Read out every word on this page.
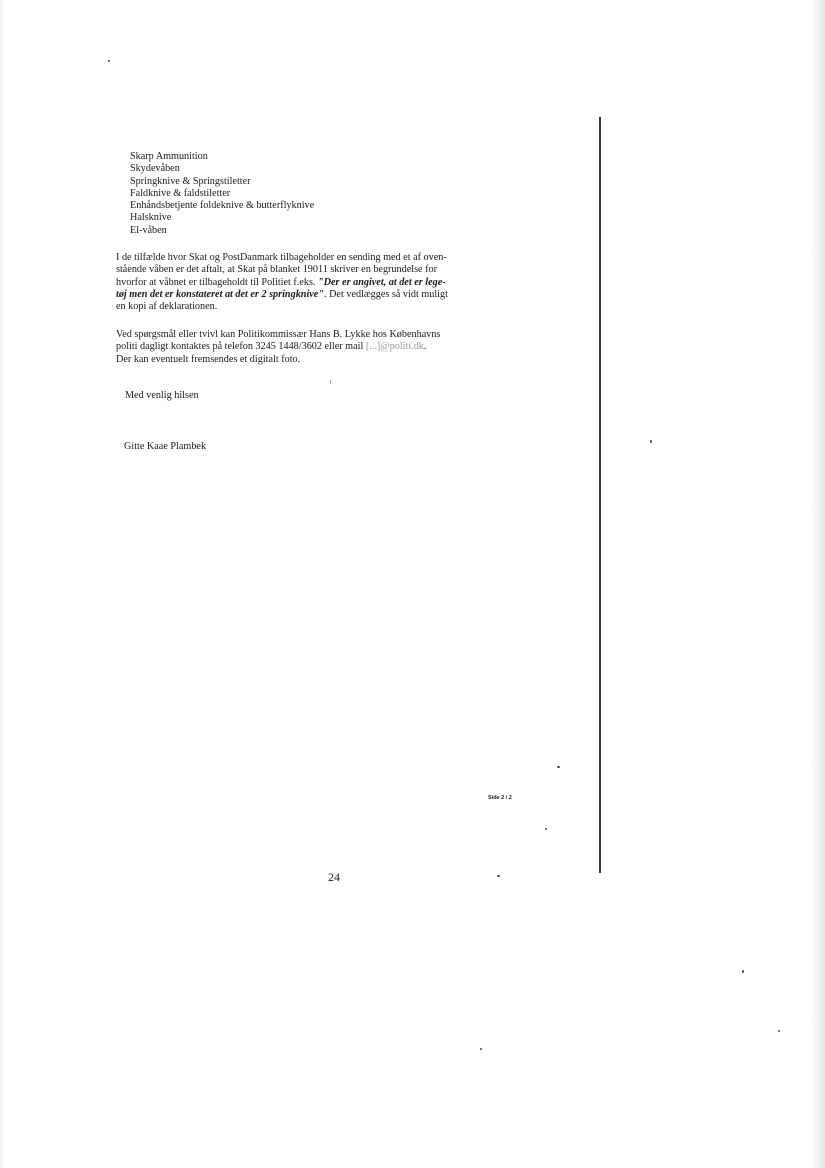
Skarp Ammunition
Skydevåben
Springknive & Springstiletter
Faldknive & faldstiletter
Enhåndsbetjente foldeknive & butterflyknive
Halsknive
El-våben
I de tilfælde hvor Skat og PostDanmark tilbageholder en sending med et af oven-
stående våben er det aftalt, at Skat på blanket 19011 skriver en begrundelse for
hvorfor at våbnet er tilbageholdt til Politiet f.eks. "Der er angivet, at det er lege-
tøj men det er konstateret at det er 2 springknive". Det vedlægges så vidt muligt
en kopi af deklarationen.
Ved spørgsmål eller tvivl kan Politikommissær Hans B. Lykke hos Københavns
politi dagligt kontaktes på telefon 3245 1448/3602 eller mail [...]@politi.dk.
Der kan eventuelt fremsendes et digitalt foto.
Med venlig hilsen
Gitte Kaae Plambek
Side 2 / 2
24
